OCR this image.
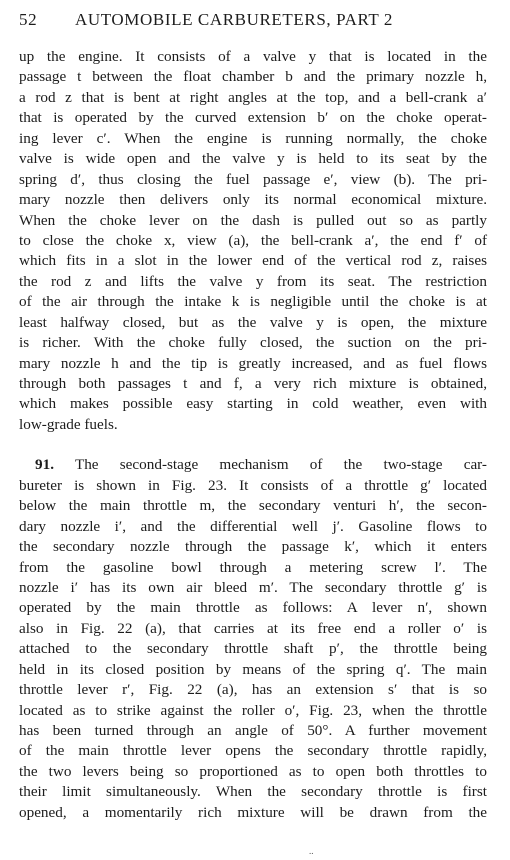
52 AUTOMOBILE CARBURETERS, PART 2
up the engine. It consists of a valve y that is located in the
passage t between the float chamber b and the primary nozzle h,
a rod z that is bent at right angles at the top, and a bell-crank a′
that is operated by the curved extension b′ on the choke operat-
ing lever c′. When the engine is running normally, the choke
valve is wide open and the valve y is held to its seat by the
spring d′, thus closing the fuel passage e′, view (b). The pri-
mary nozzle then delivers only its normal economical mixture.
When the choke lever on the dash is pulled out so as partly
to close the choke x, view (a), the bell-crank a′, the end f′ of
which fits in a slot in the lower end of the vertical rod z, raises
the rod z and lifts the valve y from its seat. The restriction
of the air through the intake k is negligible until the choke is at
least halfway closed, but as the valve y is open, the mixture
is richer. With the choke fully closed, the suction on the pri-
mary nozzle h and the tip is greatly increased, and as fuel flows
through both passages t and f, a very rich mixture is obtained,
which makes possible easy starting in cold weather, even with
low-grade fuels.
91. The second-stage mechanism of the two-stage car-
bureter is shown in Fig. 23. It consists of a throttle g′ located
below the main throttle m, the secondary venturi h′, the secon-
dary nozzle i′, and the differential well j′. Gasoline flows to
the secondary nozzle through the passage k′, which it enters
from the gasoline bowl through a metering screw l′. The
nozzle i′ has its own air bleed m′. The secondary throttle g′ is
operated by the main throttle as follows: A lever n′, shown
also in Fig. 22 (a), that carries at its free end a roller o′ is
attached to the secondary throttle shaft p′, the throttle being
held in its closed position by means of the spring q′. The main
throttle lever r′, Fig. 22 (a), has an extension s′ that is so
located as to strike against the roller o′, Fig. 23, when the throttle
has been turned through an angle of 50°. A further movement
of the main throttle lever opens the secondary throttle rapidly,
the two levers being so proportioned as to open both throttles to
their limit simultaneously. When the secondary throttle is first
opened, a momentarily rich mixture will be drawn from the
..
